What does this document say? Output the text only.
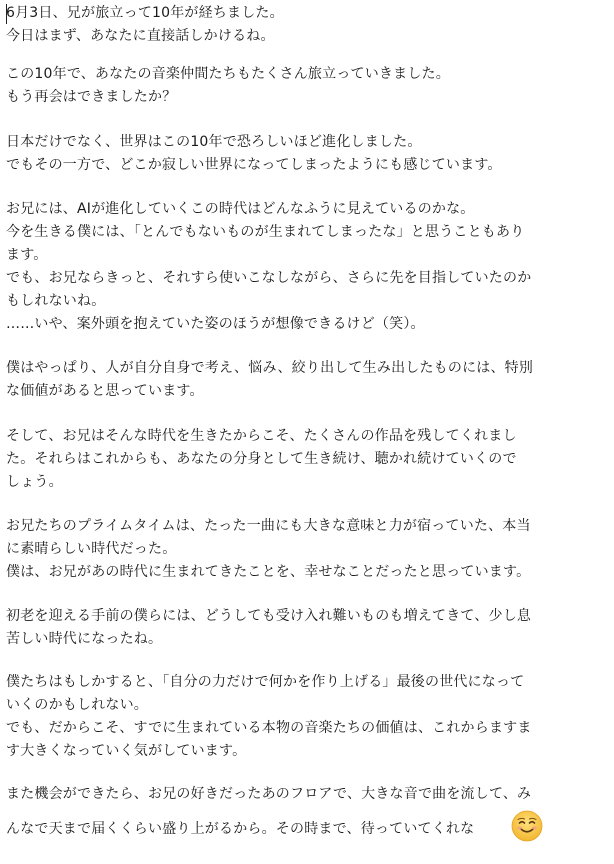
6月3日、兄が旅立って10年が経ちました。
今日はまず、あなたに直接話しかけるね。
この10年で、あなたの音楽仲間たちもたくさん旅立っていきました。
もう再会はできましたか？
日本だけでなく、世界はこの10年で恐ろしいほど進化しました。
でもその一方で、どこか寂しい世界になってしまったようにも感じています。
お兄には、AIが進化していくこの時代はどんなふうに見えているのかな。
今を生きる僕には、「とんでもないものが生まれてしまったな」と思うこともあり
ます。
でも、お兄ならきっと、それすら使いこなしながら、さらに先を目指していたのか
もしれないね。
……いや、案外頭を抱えていた姿のほうが想像できるけど（笑）。
僕はやっぱり、人が自分自身で考え、悩み、絞り出して生み出したものには、特別
な価値があると思っています。
そして、お兄はそんな時代を生きたからこそ、たくさんの作品を残してくれまし
た。それらはこれからも、あなたの分身として生き続け、聴かれ続けていくので
しょう。
お兄たちのプライムタイムは、たった一曲にも大きな意味と力が宿っていた、本当
に素晴らしい時代だった。
僕は、お兄があの時代に生まれてきたことを、幸せなことだったと思っています。
初老を迎える手前の僕らには、どうしても受け入れ難いものも増えてきて、少し息
苦しい時代になったね。
僕たちはもしかすると、「自分の力だけで何かを作り上げる」最後の世代になって
いくのかもしれない。
でも、だからこそ、すでに生まれている本物の音楽たちの価値は、これからますま
す大きくなっていく気がしています。
また機会ができたら、お兄の好きだったあのフロアで、大きな音で曲を流して、み
んなで天まで届くくらい盛り上がるから。その時まで、待っていてくれな
